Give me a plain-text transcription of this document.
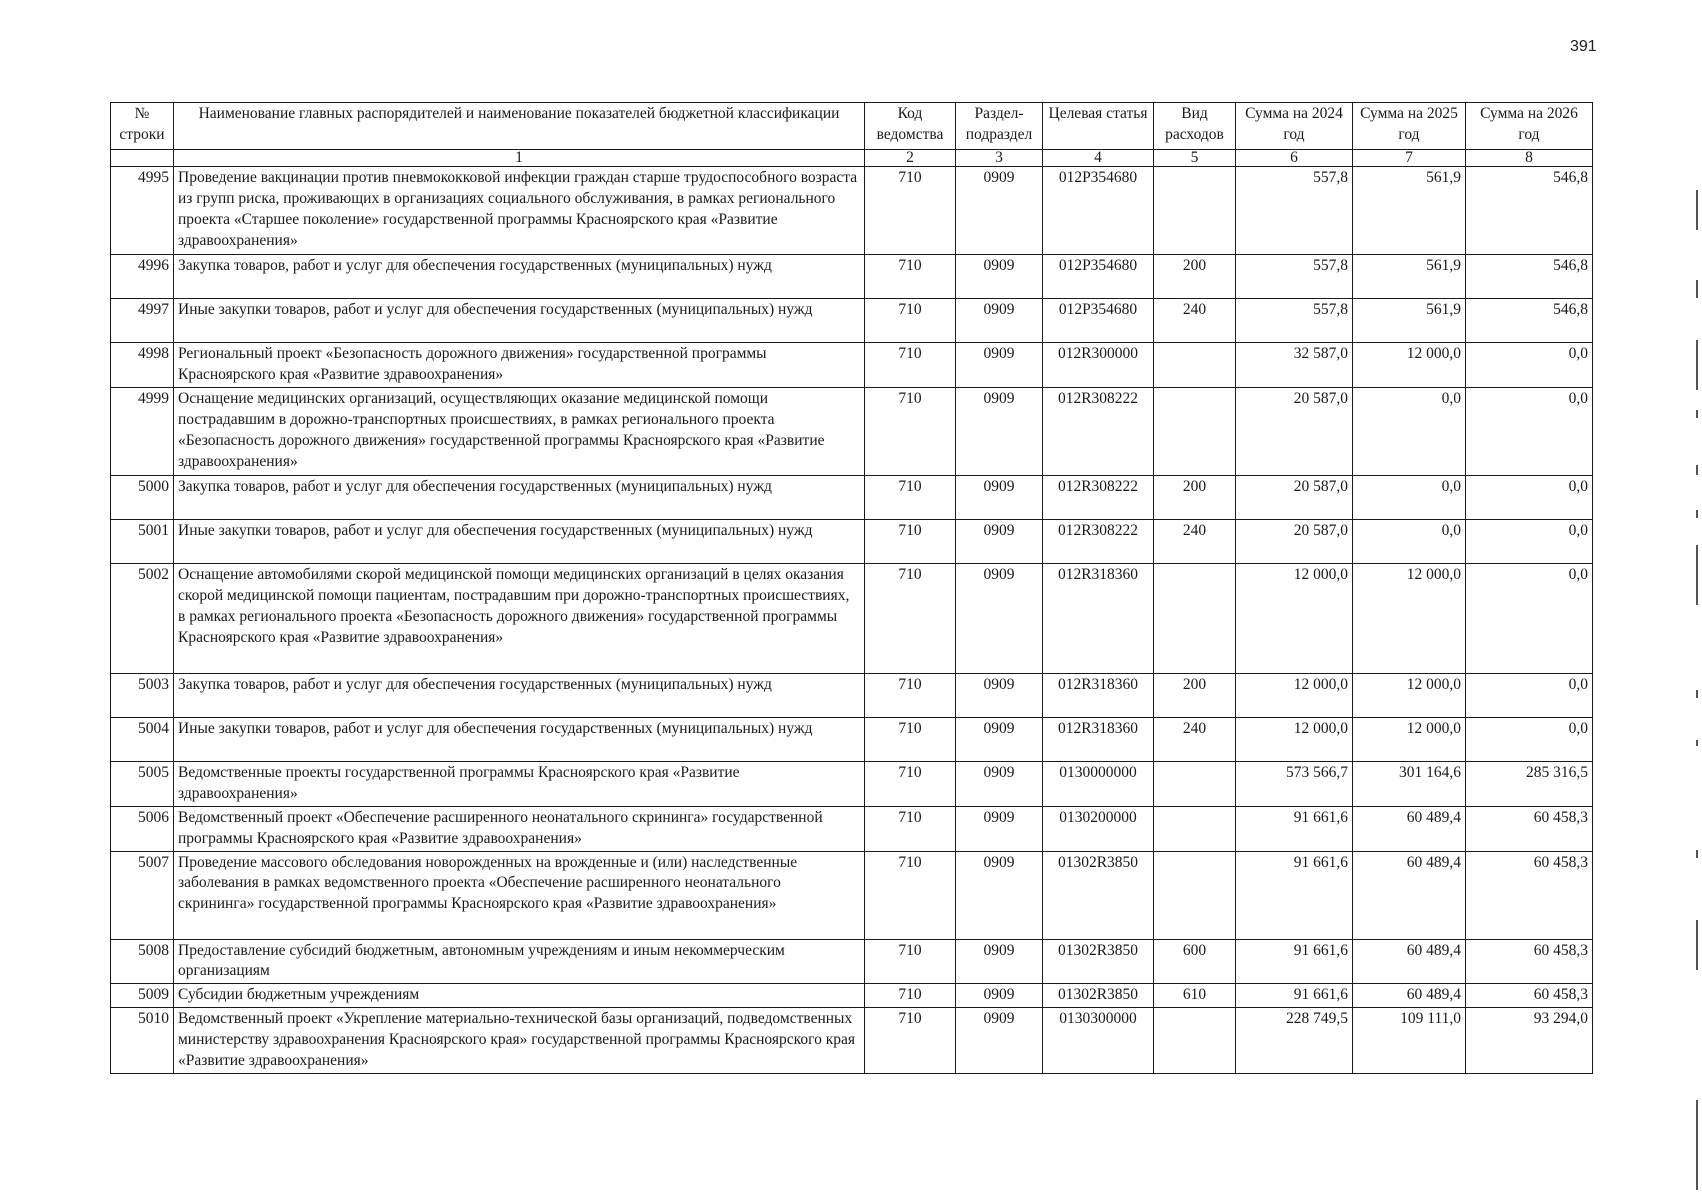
391
№ строки	Наименование главных распорядителей и наименование показателей бюджетной классификации	Код ведомства	Раздел-подраздел	Целевая статья	Вид расходов	Сумма на 2024 год	Сумма на 2025 год	Сумма на 2026 год
	1	2	3	4	5	6	7	8
4995	Проведение вакцинации против пневмококковой инфекции граждан старше трудоспособного возраста из групп риска, проживающих в организациях социального обслуживания, в рамках регионального проекта «Старшее поколение» государственной программы Красноярского края «Развитие здравоохранения»	710	0909	012P354680		557,8	561,9	546,8
4996	Закупка товаров, работ и услуг для обеспечения государственных (муниципальных) нужд	710	0909	012P354680	200	557,8	561,9	546,8
4997	Иные закупки товаров, работ и услуг для обеспечения государственных (муниципальных) нужд	710	0909	012P354680	240	557,8	561,9	546,8
4998	Региональный проект «Безопасность дорожного движения» государственной программы Красноярского края «Развитие здравоохранения»	710	0909	012R300000		32 587,0	12 000,0	0,0
4999	Оснащение медицинских организаций, осуществляющих оказание медицинской помощи пострадавшим в дорожно-транспортных происшествиях, в рамках регионального проекта «Безопасность дорожного движения» государственной программы Красноярского края «Развитие здравоохранения»	710	0909	012R308222		20 587,0	0,0	0,0
5000	Закупка товаров, работ и услуг для обеспечения государственных (муниципальных) нужд	710	0909	012R308222	200	20 587,0	0,0	0,0
5001	Иные закупки товаров, работ и услуг для обеспечения государственных (муниципальных) нужд	710	0909	012R308222	240	20 587,0	0,0	0,0
5002	Оснащение автомобилями скорой медицинской помощи медицинских организаций в целях оказания скорой медицинской помощи пациентам, пострадавшим при дорожно-транспортных происшествиях, в рамках регионального проекта «Безопасность дорожного движения» государственной программы Красноярского края «Развитие здравоохранения»	710	0909	012R318360		12 000,0	12 000,0	0,0
5003	Закупка товаров, работ и услуг для обеспечения государственных (муниципальных) нужд	710	0909	012R318360	200	12 000,0	12 000,0	0,0
5004	Иные закупки товаров, работ и услуг для обеспечения государственных (муниципальных) нужд	710	0909	012R318360	240	12 000,0	12 000,0	0,0
5005	Ведомственные проекты государственной программы Красноярского края «Развитие здравоохранения»	710	0909	0130000000		573 566,7	301 164,6	285 316,5
5006	Ведомственный проект «Обеспечение расширенного неонатального скрининга» государственной программы Красноярского края «Развитие здравоохранения»	710	0909	0130200000		91 661,6	60 489,4	60 458,3
5007	Проведение массового обследования новорожденных на врожденные и (или) наследственные заболевания в рамках ведомственного проекта «Обеспечение расширенного неонатального скрининга» государственной программы Красноярского края «Развитие здравоохранения»	710	0909	01302R3850		91 661,6	60 489,4	60 458,3
5008	Предоставление субсидий бюджетным, автономным учреждениям и иным некоммерческим организациям	710	0909	01302R3850	600	91 661,6	60 489,4	60 458,3
5009	Субсидии бюджетным учреждениям	710	0909	01302R3850	610	91 661,6	60 489,4	60 458,3
5010	Ведомственный проект «Укрепление материально-технической базы организаций, подведомственных министерству здравоохранения Красноярского края» государственной программы Красноярского края «Развитие здравоохранения»	710	0909	0130300000		228 749,5	109 111,0	93 294,0
